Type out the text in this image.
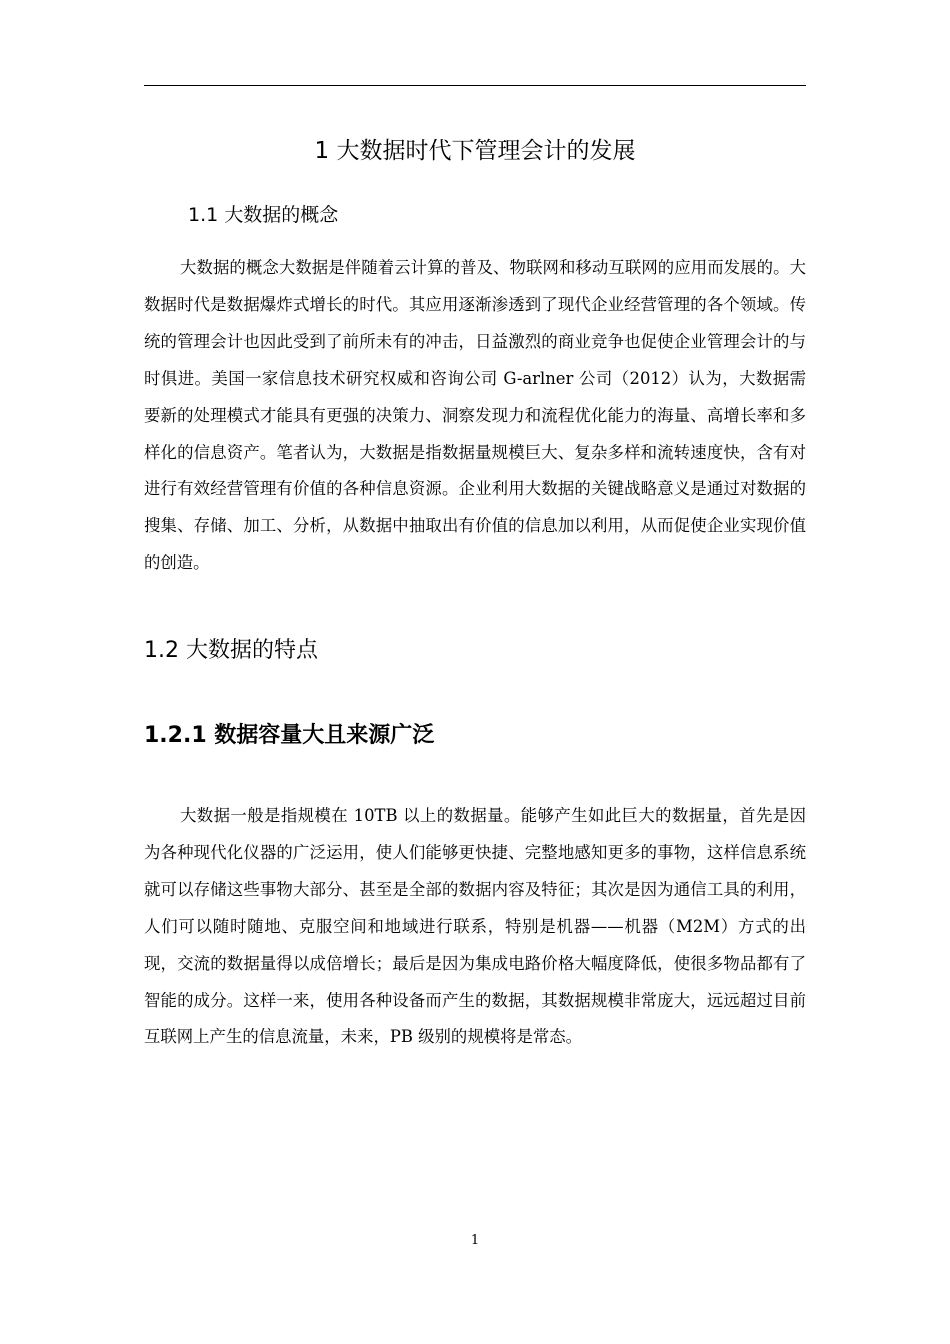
1 大数据时代下管理会计的发展
1.1 大数据的概念

大数据的概念大数据是伴随着云计算的普及、物联网和移动互联网的应用而发展的。大数据时代是数据爆炸式增长的时代。其应用逐渐渗透到了现代企业经营管理的各个领域。传统的管理会计也因此受到了前所未有的冲击，日益激烈的商业竞争也促使企业管理会计的与时俱进。美国一家信息技术研究权威和咨询公司 G-arlner 公司（2012）认为，大数据需要新的处理模式才能具有更强的决策力、洞察发现力和流程优化能力的海量、高增长率和多样化的信息资产。笔者认为，大数据是指数据量规模巨大、复杂多样和流转速度快，含有对进行有效经营管理有价值的各种信息资源。企业利用大数据的关键战略意义是通过对数据的搜集、存储、加工、分析，从数据中抽取出有价值的信息加以利用，从而促使企业实现价值的创造。

1.2 大数据的特点
1.2.1 数据容量大且来源广泛

大数据一般是指规模在 10TB 以上的数据量。能够产生如此巨大的数据量，首先是因为各种现代化仪器的广泛运用，使人们能够更快捷、完整地感知更多的事物，这样信息系统就可以存储这些事物大部分、甚至是全部的数据内容及特征；其次是因为通信工具的利用，人们可以随时随地、克服空间和地域进行联系，特别是机器——机器（M2M）方式的出现，交流的数据量得以成倍增长；最后是因为集成电路价格大幅度降低，使很多物品都有了智能的成分。这样一来，使用各种设备而产生的数据，其数据规模非常庞大，远远超过目前互联网上产生的信息流量，未来，PB 级别的规模将是常态。

1
